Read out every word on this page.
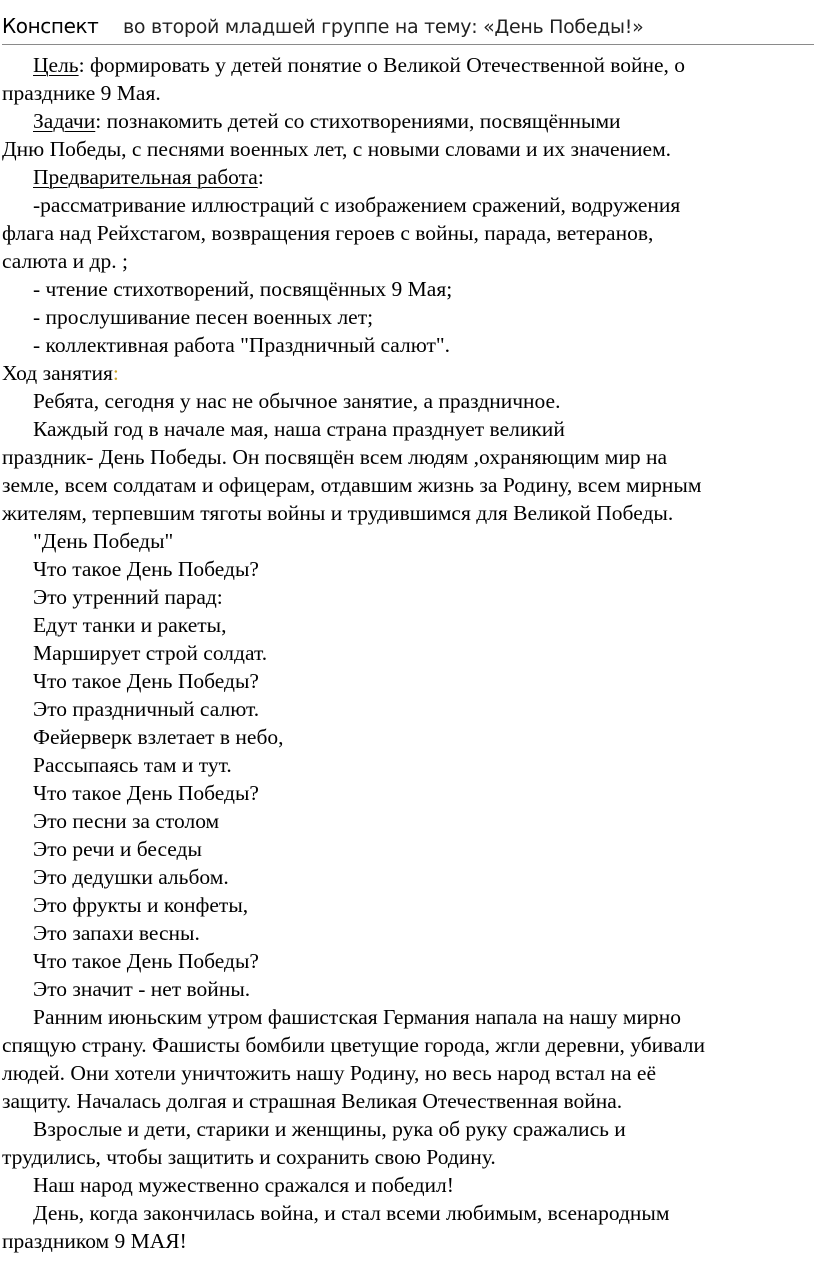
Конспект во второй младшей группе на тему: «День Победы!»
Цель: формировать у детей понятие о Великой Отечественной войне, о
празднике 9 Мая.
Задачи: познакомить детей со стихотворениями, посвящёнными
Дню Победы, с песнями военных лет, с новыми словами и их значением.
Предварительная работа:
-рассматривание иллюстраций с изображением сражений, водружения
флага над Рейхстагом, возвращения героев с войны, парада, ветеранов,
салюта и др. ;
- чтение стихотворений, посвящённых 9 Мая;
- прослушивание песен военных лет;
- коллективная работа "Праздничный салют".
Ход занятия:
Ребята, сегодня у нас не обычное занятие, а праздничное.
Каждый год в начале мая, наша страна празднует великий
праздник- День Победы. Он посвящён всем людям ,охраняющим мир на
земле, всем солдатам и офицерам, отдавшим жизнь за Родину, всем мирным
жителям, терпевшим тяготы войны и трудившимся для Великой Победы.
"День Победы"
Что такое День Победы?
Это утренний парад:
Едут танки и ракеты,
Марширует строй солдат.
Что такое День Победы?
Это праздничный салют.
Фейерверк взлетает в небо,
Рассыпаясь там и тут.
Что такое День Победы?
Это песни за столом
Это речи и беседы
Это дедушки альбом.
Это фрукты и конфеты,
Это запахи весны.
Что такое День Победы?
Это значит - нет войны.
Ранним июньским утром фашистская Германия напала на нашу мирно
спящую страну. Фашисты бомбили цветущие города, жгли деревни, убивали
людей. Они хотели уничтожить нашу Родину, но весь народ встал на её
защиту. Началась долгая и страшная Великая Отечественная война.
Взрослые и дети, старики и женщины, рука об руку сражались и
трудились, чтобы защитить и сохранить свою Родину.
Наш народ мужественно сражался и победил!
День, когда закончилась война, и стал всеми любимым, всенародным
праздником 9 МАЯ!
